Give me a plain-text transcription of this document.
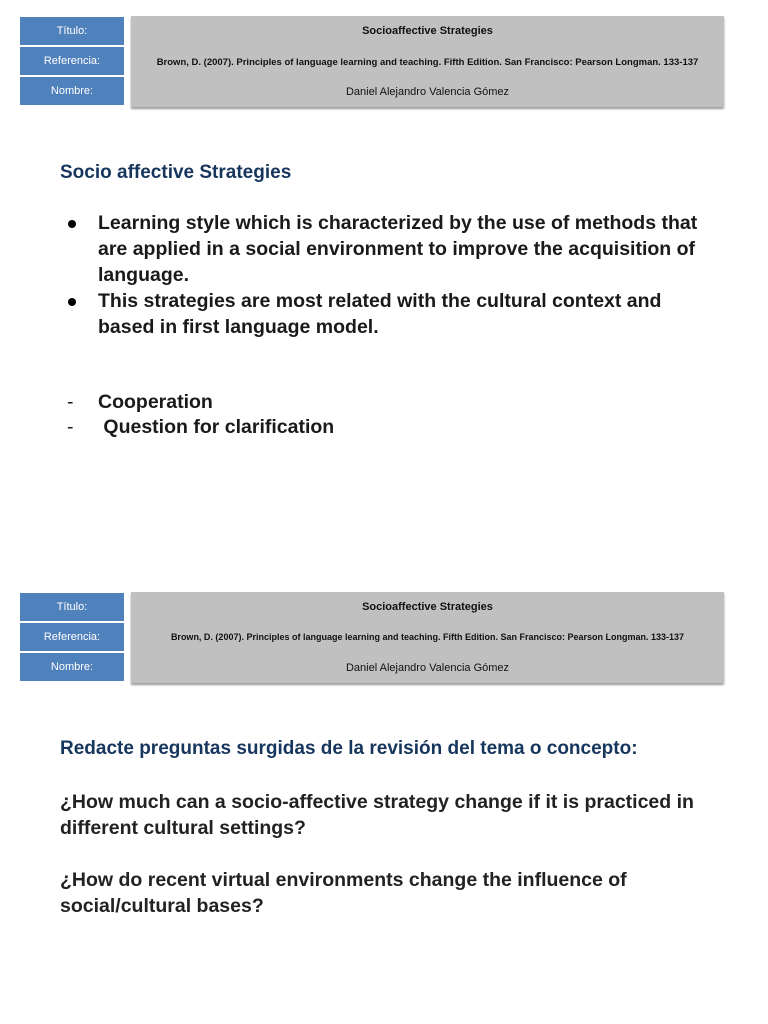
Título:
Referencia:
Nombre:
Socioaffective Strategies
Brown, D. (2007). Principles of language learning and teaching. Fifth Edition. San Francisco: Pearson Longman. 133-137
Daniel Alejandro Valencia Gómez
Socio affective Strategies
Learning style which is characterized by the use of methods that are applied in a social environment to improve the acquisition of language.
This strategies are most related with the cultural context and based in first language model.
- Cooperation
- Question for clarification
Título:
Referencia:
Nombre:
Socioaffective Strategies
Brown, D. (2007). Principles of language learning and teaching. Fifth Edition. San Francisco: Pearson Longman. 133-137
Daniel Alejandro Valencia Gómez
Redacte preguntas surgidas de la revisión del tema o concepto:

¿How much can a socio-affective strategy change if it is practiced in different cultural settings?

¿How do recent virtual environments change the influence of social/cultural bases?
